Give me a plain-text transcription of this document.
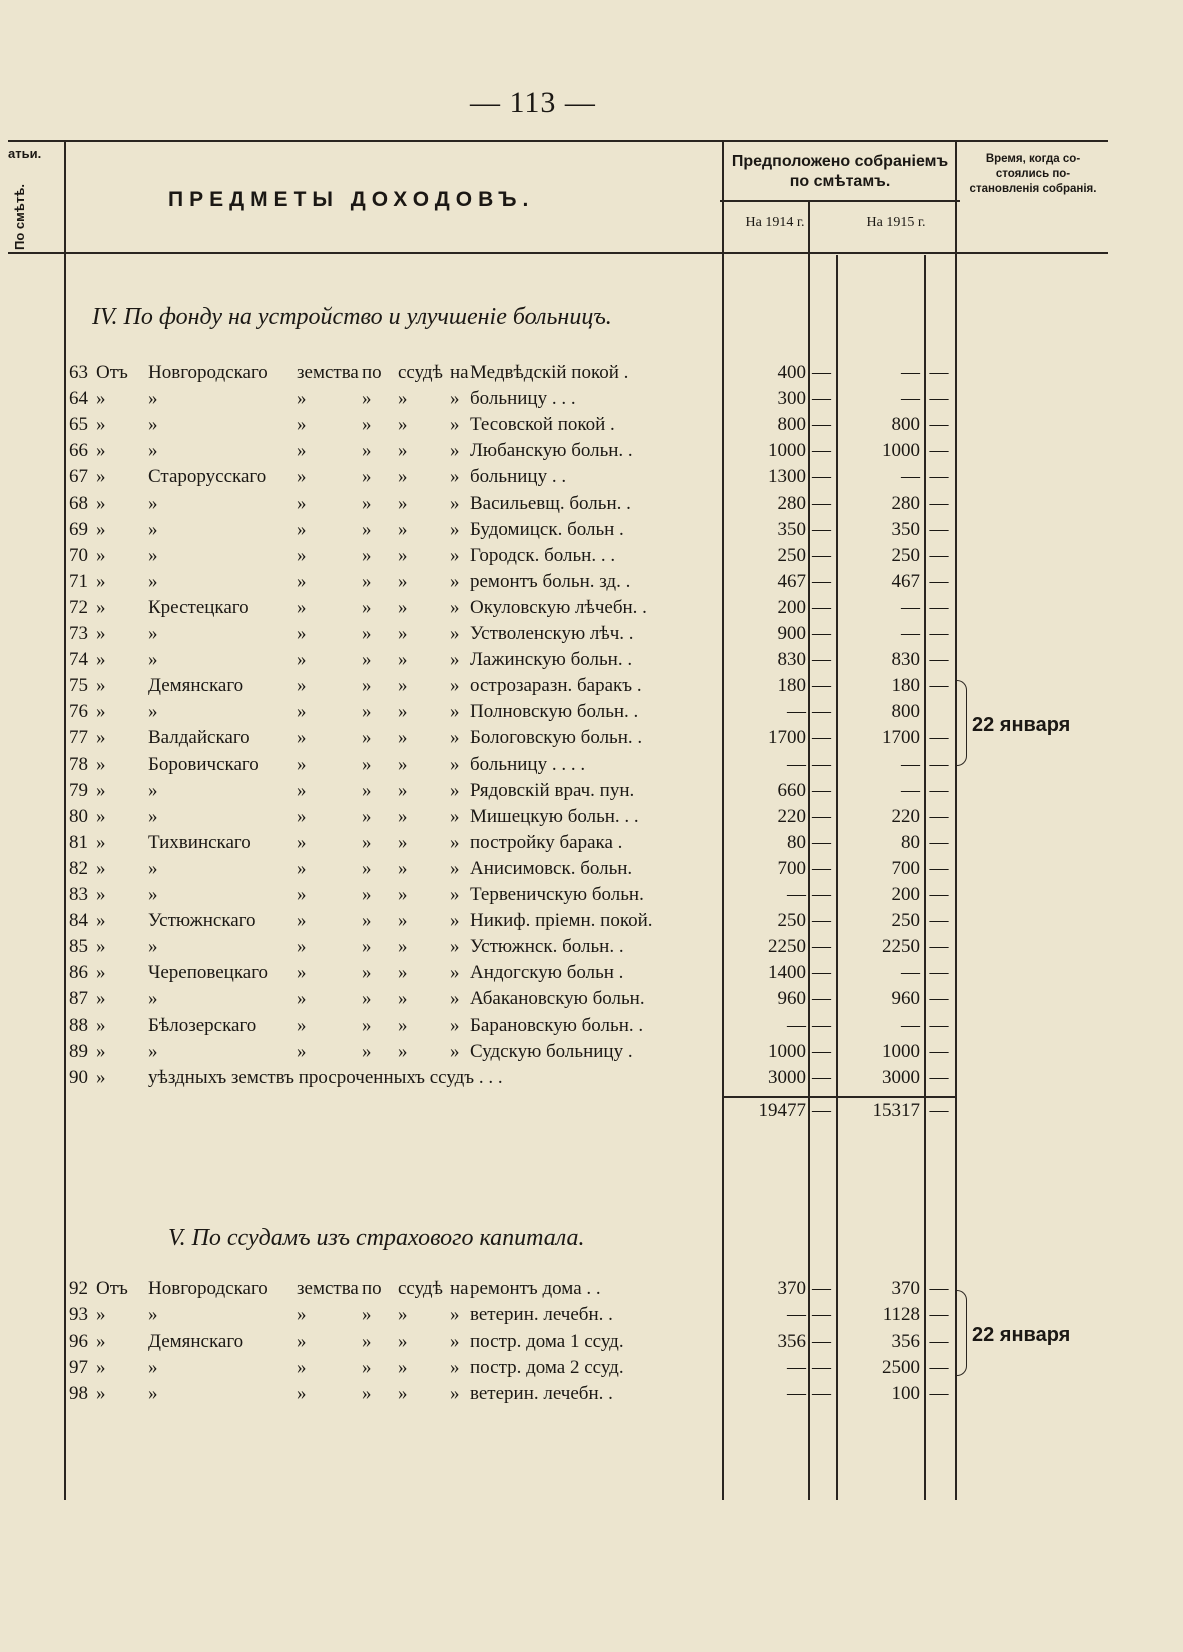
— 113 —
атьи.
По смѣтѣ.	ПРЕДМЕТЫ ДОХОДОВЪ.
Предположено собраніемъ по смѣтамъ.
На 1914 г.	На 1915 г.
Время, когда со- стоялись по- становленія собранія.
IV. По фонду на устройство и улучшеніе больницъ.
63 Отъ Новгородскаго земства по ссудѣ на Медвѣдскій покой .	400 —	— —
64 » »	»	» » » больницу . . .	300 —	— —
65 » »	»	» » » Тесовской покой .	800 —	800 —
66 » »	»	» » » Любанскую больн. .	1000 —	1000 —
67 » Старорусскаго »	» » » больницу . .	1300 —	— —
68 » »	»	» » » Васильевщ. больн. .	280 —	280 —
69 » »	»	» » » Будомицск. больн .	350 —	350 —
70 » »	»	» » » Городск. больн. . .	250 —	250 —
71 » »	»	» » » ремонтъ больн. зд. .	467 —	467 —
72 » Крестецкаго	»	» » » Окуловскую лѣчебн. .	200 —	— —
73 » »	»	» » » Устволенскую лѣч. .	900 —	— —
74 » »	»	» » » Лажинскую больн. .	830 —	830 —
75 » Демянскаго	»	» » » острозаразн. баракъ .	180 —	180 —
76 » »	»	» » » Полновскую больн. .	— —	800
77 » Валдайскаго »	» » » Бологовскую больн. .	1700 —	1700 —
78 » Боровичскаго »	» » » больницу . . . .	— —	— —
79 » »	»	» » » Рядовскій врач. пун.	660 —	— —
80 » »	»	» » » Мишецкую больн. . .	220 —	220 —
81 » Тихвинскаго »	» » » постройку барака .	80 —	80 —
82 » »	»	» » » Анисимовск. больн.	700 —	700 —
83 » »	»	» » » Тервеничскую больн.	— —	200 —
84 » Устюжнскаго »	» » » Никиф. пріемн. покой.	250 —	250 —
85 » »	»	» » » Устюжнск. больн. .	2250 —	2250 —
86 » Череповецкаго »	» » » Андогскую больн .	1400 —	— —
87 » »	»	» » » Абакановскую больн.	960 —	960 —
88 » Бѣлозерскаго »	» » » Барановскую больн. .	— —	— —
89 » »	»	» » » Судскую больницу .	1000 —	1000 —
90 » уѣздныхъ земствъ просроченныхъ ссудъ . . .	3000 —	3000 —
19477 —	15317 —
22 января
V. По ссудамъ изъ страхового капитала.
92 Отъ Новгородскаго земства по ссудѣ на ремонтъ дома . .	370 —	370 —
93 » »	»	» » » ветерин. лечебн. .	— —	1128 —
96 » Демянскаго	»	» » » постр. дома 1 ссуд.	356 —	356 —
97 » »	»	» » » постр. дома 2 ссуд.	— —	2500 —
98 » »	»	» » » ветерин. лечебн. .	— —	100 —
22 января
